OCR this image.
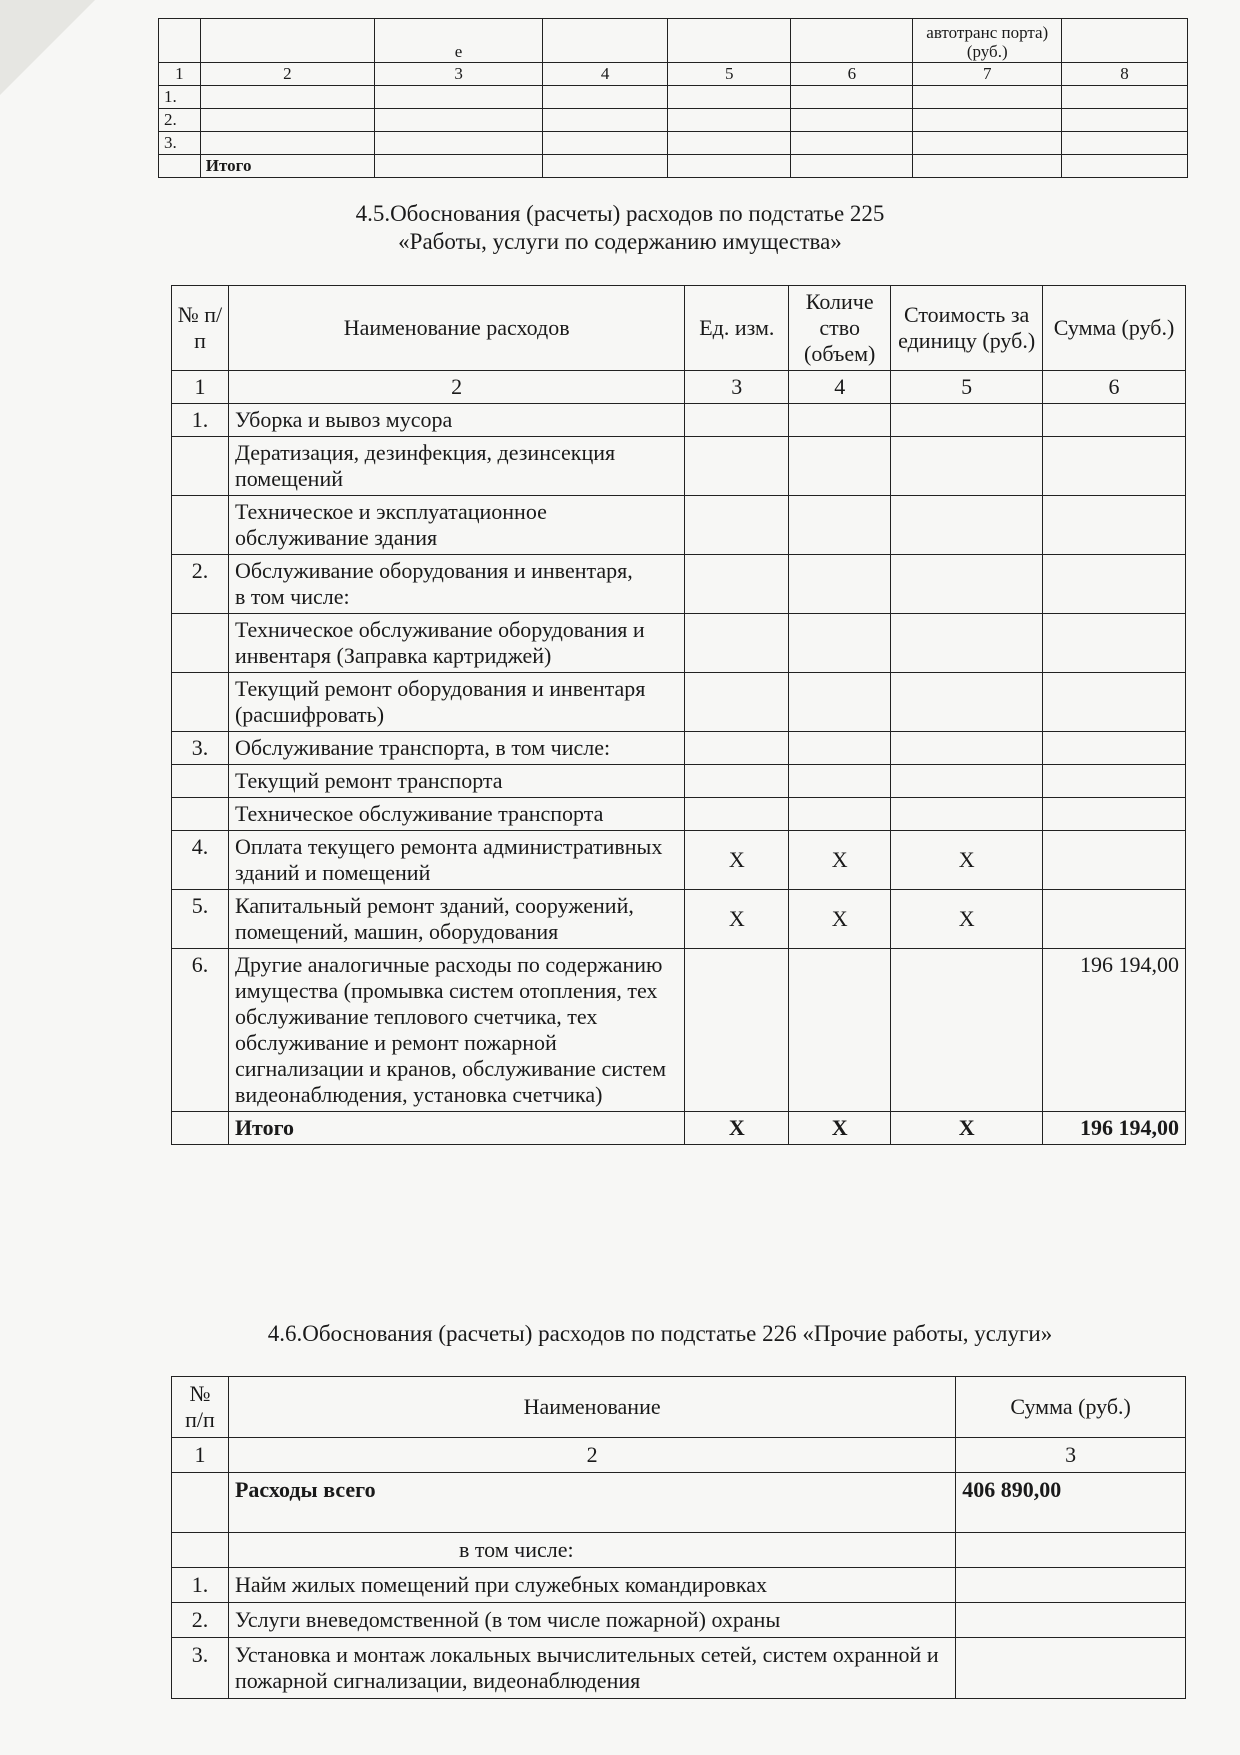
		е				автотранс порта) (руб.)	
1	2	3	4	5	6	7	8
1.							
2.							
3.							
	Итого						
4.5.Обоснования (расчеты) расходов по подстатье 225
«Работы, услуги по содержанию имущества»
№ п/п	Наименование расходов	Ед. изм.	Количе ство (объем)	Стоимость за единицу (руб.)	Сумма (руб.)
1	2	3	4	5	6
1.	Уборка и вывоз мусора				
	Дератизация, дезинфекция, дезинсекция помещений				
	Техническое и эксплуатационное обслуживание здания				
2.	Обслуживание оборудования и инвентаря,
в том числе:				
	Техническое обслуживание оборудования и инвентаря (Заправка картриджей)				
	Текущий ремонт оборудования и инвентаря (расшифровать)				
3.	Обслуживание транспорта, в том числе:				
	Текущий ремонт транспорта				
	Техническое обслуживание транспорта				
4.	Оплата текущего ремонта административных зданий и помещений	Х	Х	Х	
5.	Капитальный ремонт зданий, сооружений, помещений, машин, оборудования	Х	Х	Х	
6.	Другие аналогичные расходы по содержанию имущества (промывка систем отопления, тех обслуживание теплового счетчика, тех обслуживание и ремонт пожарной сигнализации и кранов, обслуживание систем видеонаблюдения, установка счетчика)				196 194,00
	Итого	Х	Х	Х	196 194,00
4.6.Обоснования (расчеты) расходов по подстатье 226 «Прочие работы, услуги»
№ п/п	Наименование	Сумма (руб.)
1	2	3
	Расходы всего	406 890,00
	в том числе:	
1.	Найм жилых помещений при служебных командировках	
2.	Услуги вневедомственной (в том числе пожарной) охраны	
3.	Установка и монтаж локальных вычислительных сетей, систем охранной и пожарной сигнализации, видеонаблюдения	
